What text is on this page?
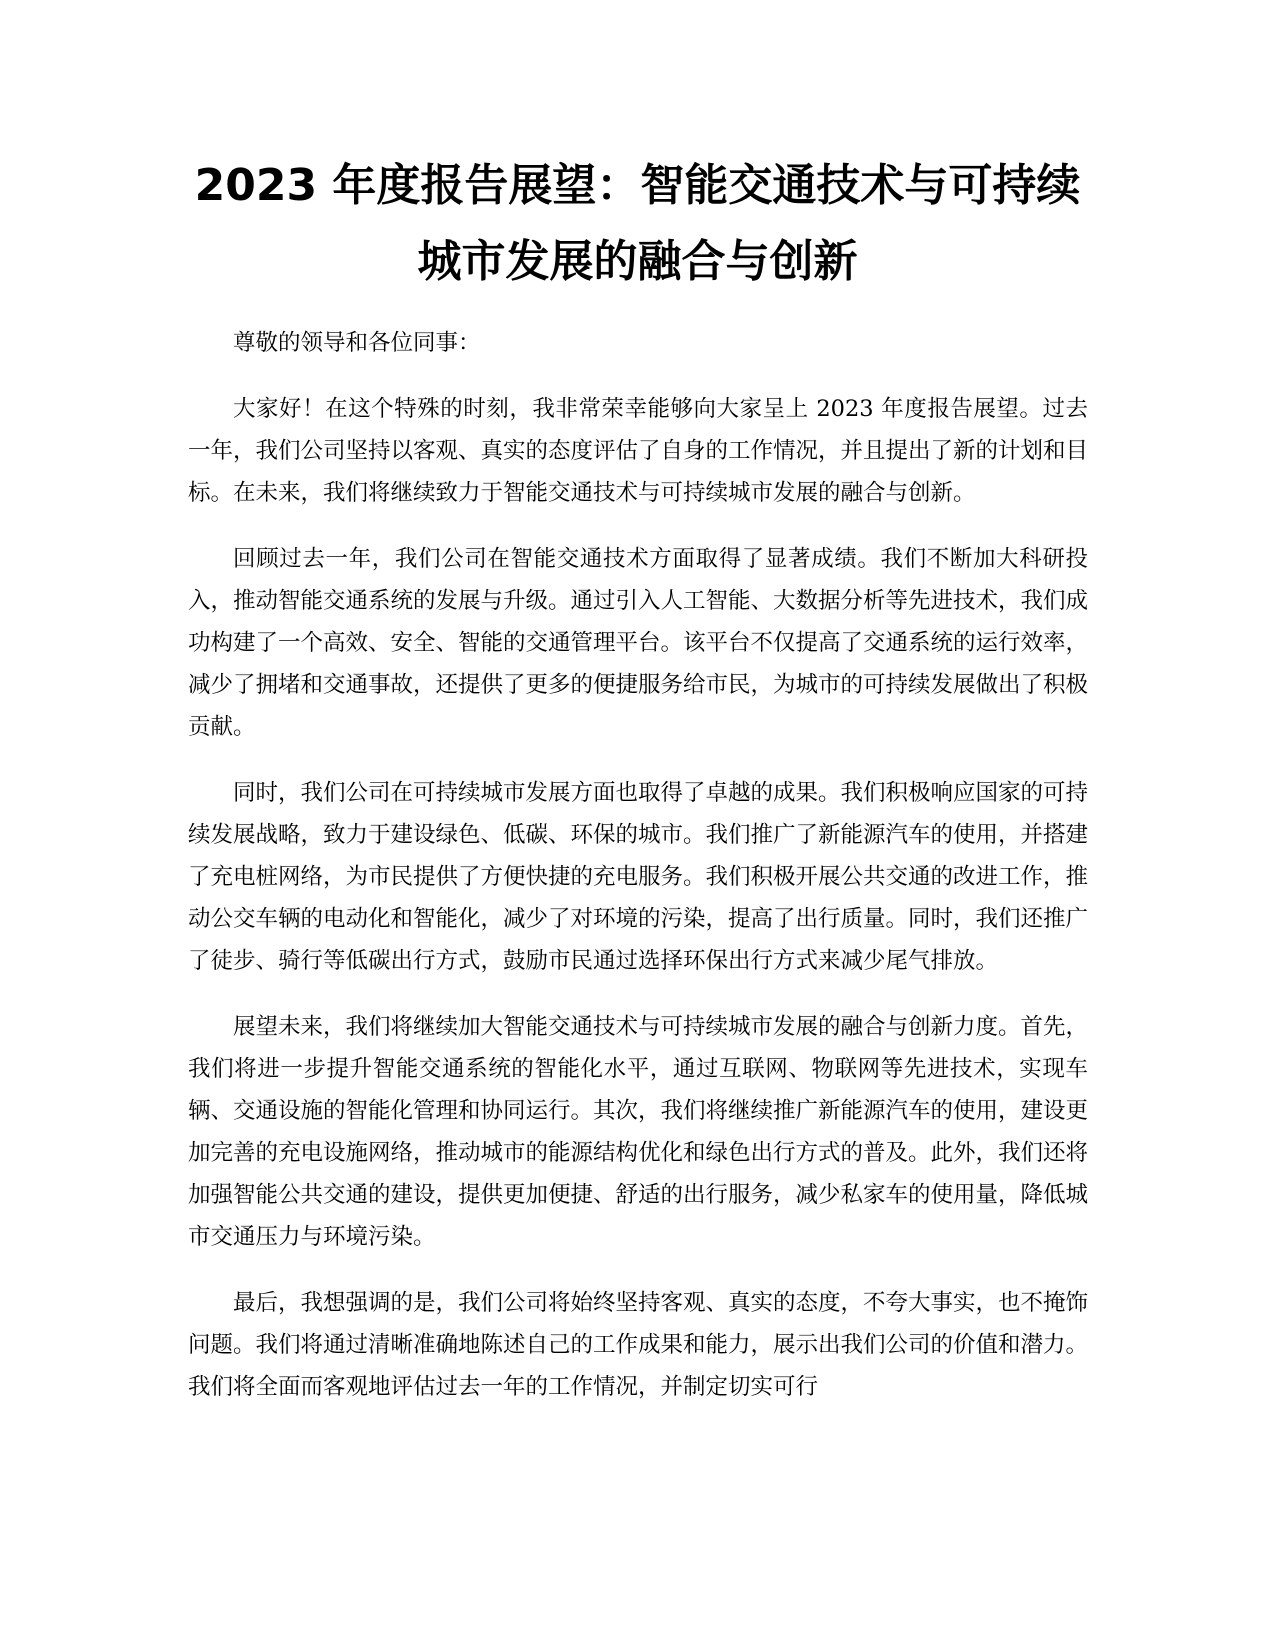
2023 年度报告展望：智能交通技术与可持续
城市发展的融合与创新

尊敬的领导和各位同事：

大家好！在这个特殊的时刻，我非常荣幸能够向大家呈上 2023 年度报告展望。过去一年，我们公司坚持以客观、真实的态度评估了自身的工作情况，并且提出了新的计划和目标。在未来，我们将继续致力于智能交通技术与可持续城市发展的融合与创新。

回顾过去一年，我们公司在智能交通技术方面取得了显著成绩。我们不断加大科研投入，推动智能交通系统的发展与升级。通过引入人工智能、大数据分析等先进技术，我们成功构建了一个高效、安全、智能的交通管理平台。该平台不仅提高了交通系统的运行效率，减少了拥堵和交通事故，还提供了更多的便捷服务给市民，为城市的可持续发展做出了积极贡献。

同时，我们公司在可持续城市发展方面也取得了卓越的成果。我们积极响应国家的可持续发展战略，致力于建设绿色、低碳、环保的城市。我们推广了新能源汽车的使用，并搭建了充电桩网络，为市民提供了方便快捷的充电服务。我们积极开展公共交通的改进工作，推动公交车辆的电动化和智能化，减少了对环境的污染，提高了出行质量。同时，我们还推广了徒步、骑行等低碳出行方式，鼓励市民通过选择环保出行方式来减少尾气排放。

展望未来，我们将继续加大智能交通技术与可持续城市发展的融合与创新力度。首先，我们将进一步提升智能交通系统的智能化水平，通过互联网、物联网等先进技术，实现车辆、交通设施的智能化管理和协同运行。其次，我们将继续推广新能源汽车的使用，建设更加完善的充电设施网络，推动城市的能源结构优化和绿色出行方式的普及。此外，我们还将加强智能公共交通的建设，提供更加便捷、舒适的出行服务，减少私家车的使用量，降低城市交通压力与环境污染。

最后，我想强调的是，我们公司将始终坚持客观、真实的态度，不夸大事实，也不掩饰问题。我们将通过清晰准确地陈述自己的工作成果和能力，展示出我们公司的价值和潜力。我们将全面而客观地评估过去一年的工作情况，并制定切实可行
